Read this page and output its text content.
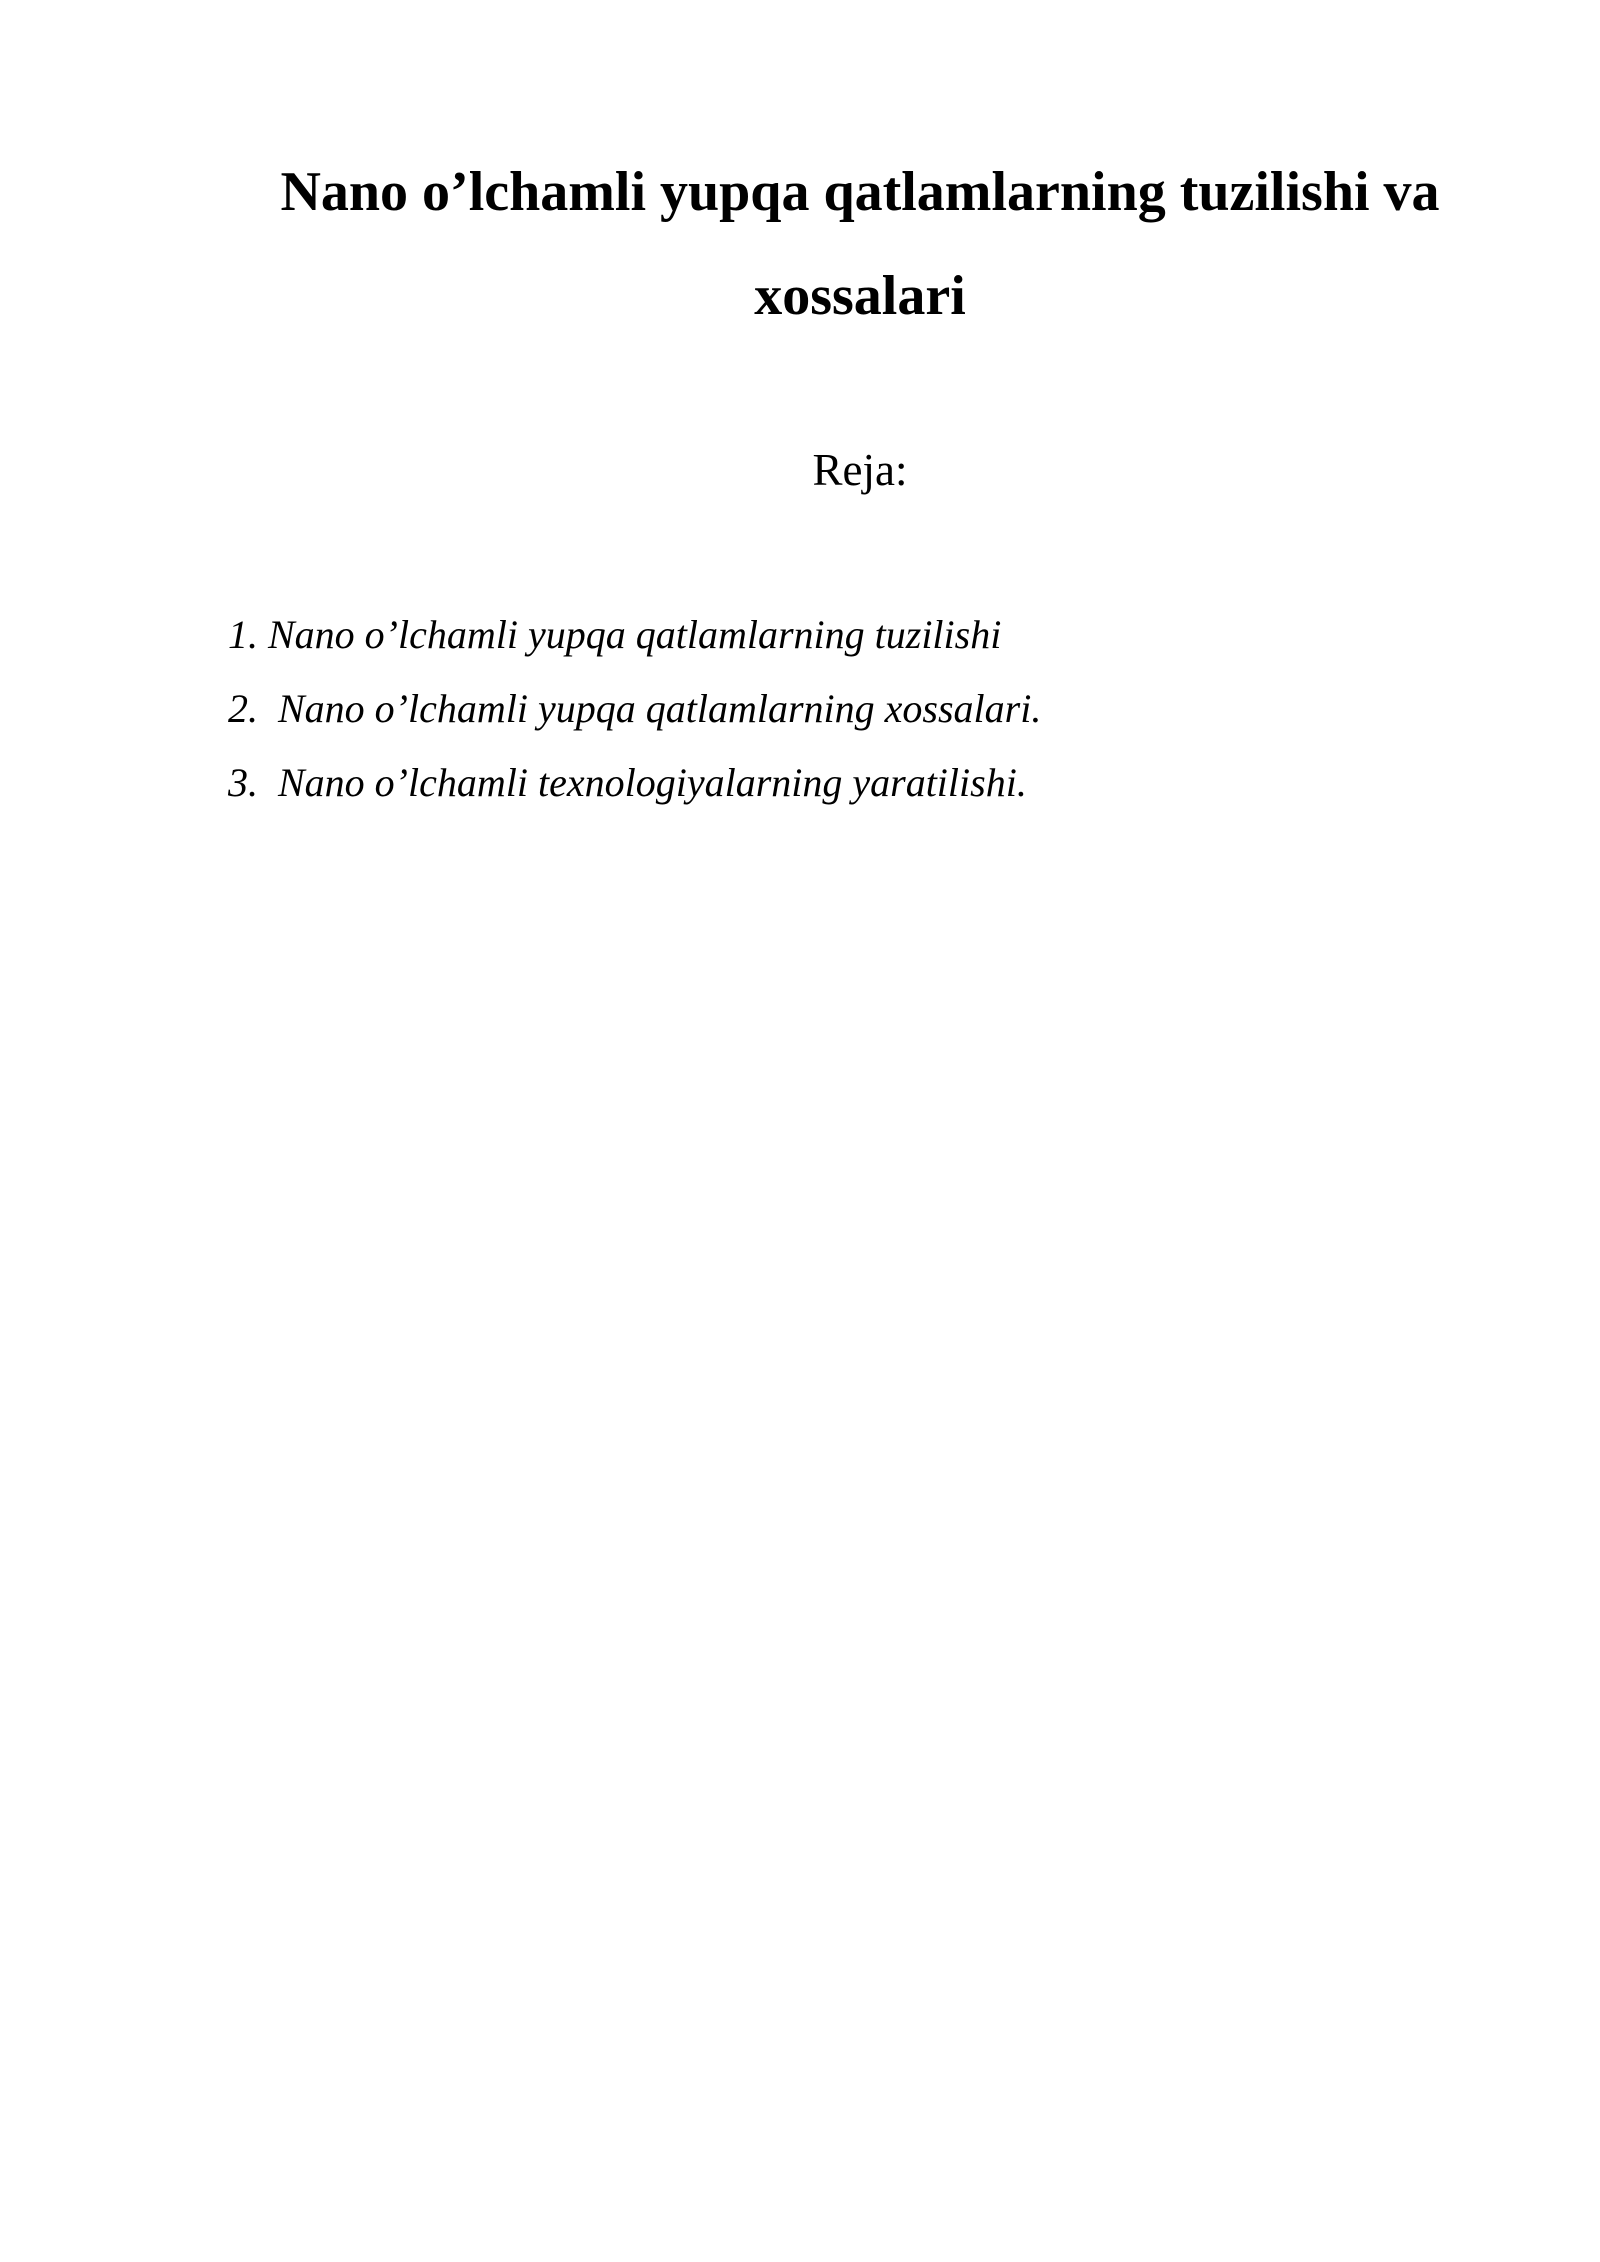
Nano o’lchamli yupqa qatlamlarning tuzilishi va xossalari

Reja:

1. Nano o’lchamli yupqa qatlamlarning tuzilishi
2. Nano o’lchamli yupqa qatlamlarning xossalari.
3. Nano o’lchamli texnologiyalarning yaratilishi.
